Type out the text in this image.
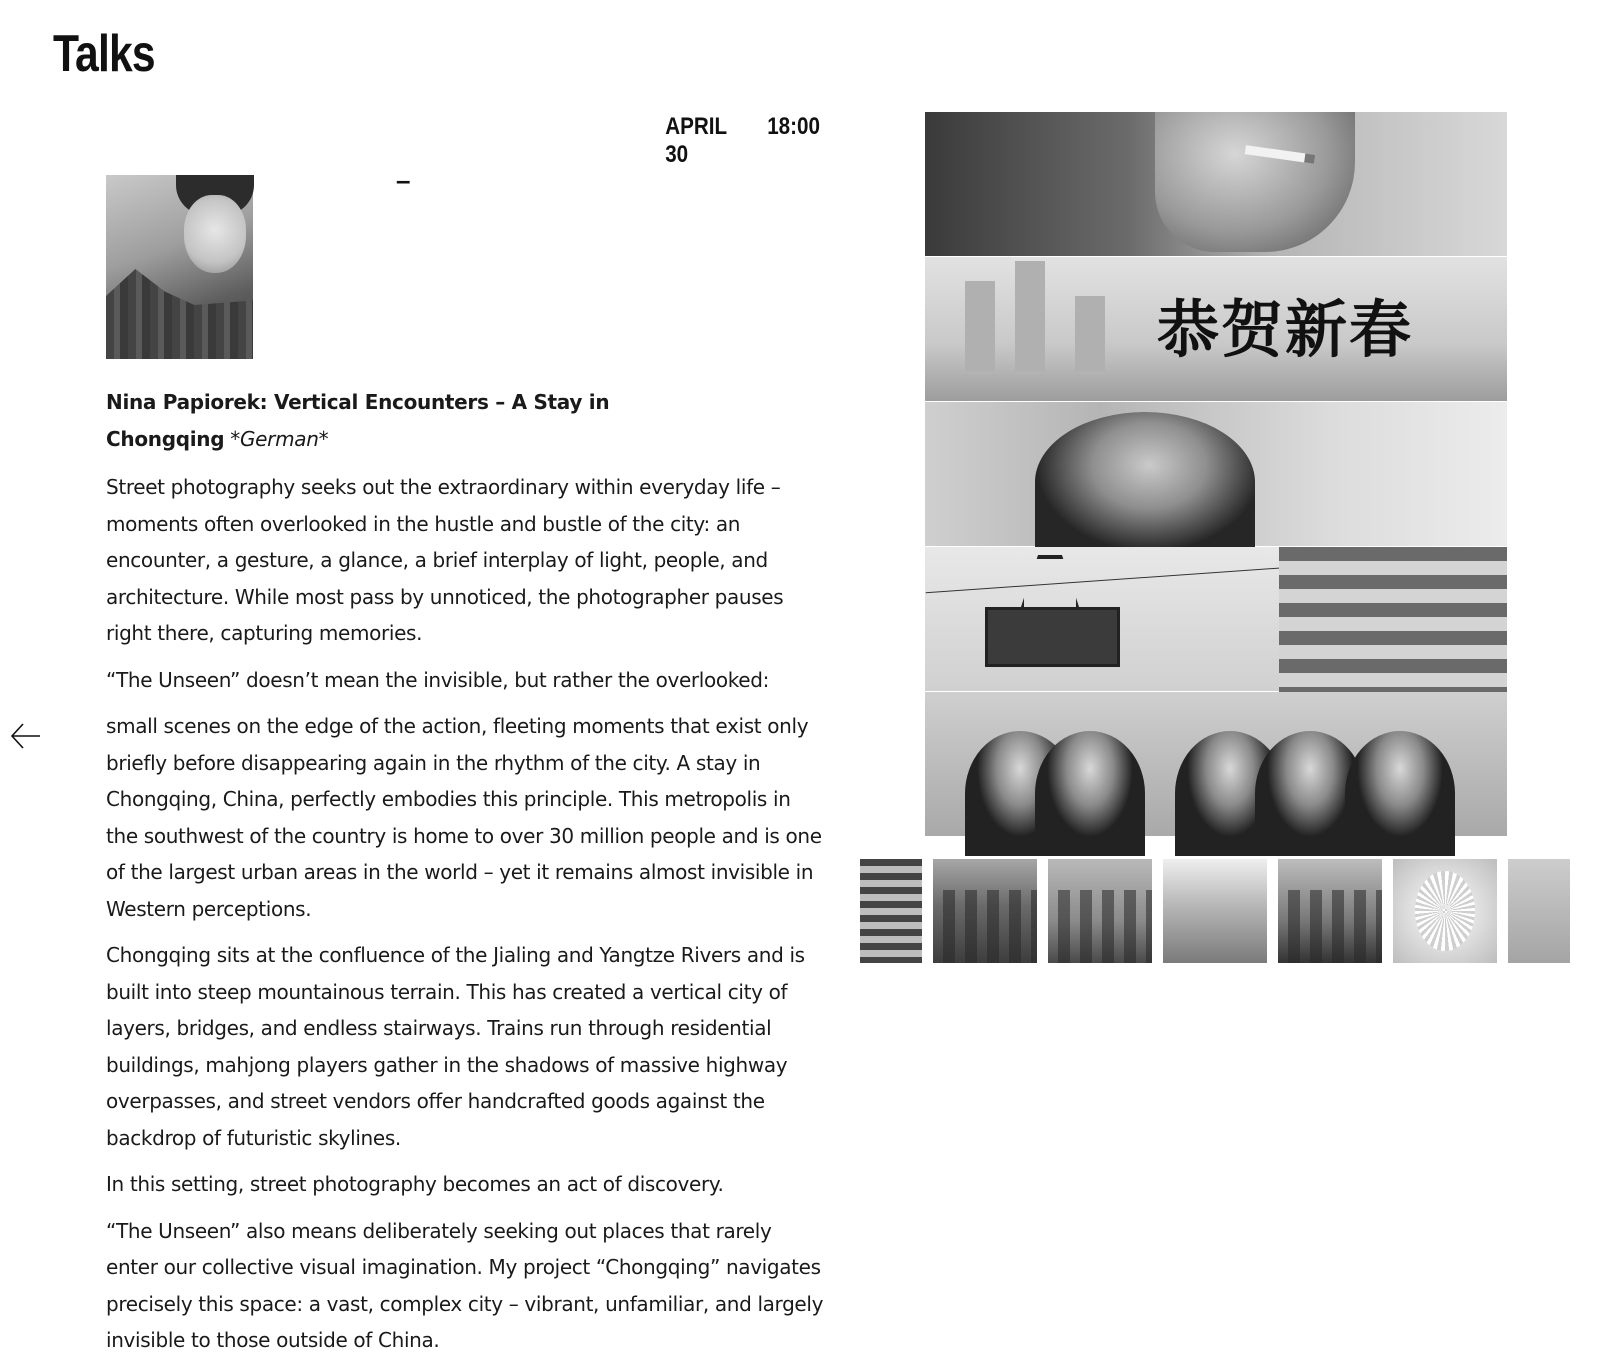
Talks
APRIL 30
18:00
–
Nina Papiorek: Vertical Encounters – A Stay in Chongqing *German*

Street photography seeks out the extraordinary within everyday life – moments often overlooked in the hustle and bustle of the city: an encounter, a gesture, a glance, a brief interplay of light, people, and architecture. While most pass by unnoticed, the photographer pauses right there, capturing memories.

“The Unseen” doesn’t mean the invisible, but rather the overlooked:

small scenes on the edge of the action, fleeting moments that exist only briefly before disappearing again in the rhythm of the city. A stay in Chongqing, China, perfectly embodies this principle. This metropolis in the southwest of the country is home to over 30 million people and is one of the largest urban areas in the world – yet it remains almost invisible in Western perceptions.

Chongqing sits at the confluence of the Jialing and Yangtze Rivers and is built into steep mountainous terrain. This has created a vertical city of layers, bridges, and endless stairways. Trains run through residential buildings, mahjong players gather in the shadows of massive highway overpasses, and street vendors offer handcrafted goods against the backdrop of futuristic skylines.

In this setting, street photography becomes an act of discovery.

“The Unseen” also means deliberately seeking out places that rarely enter our collective visual imagination. My project “Chongqing” navigates precisely this space: a vast, complex city – vibrant, unfamiliar, and largely invisible to those outside of China.

恭贺新春
